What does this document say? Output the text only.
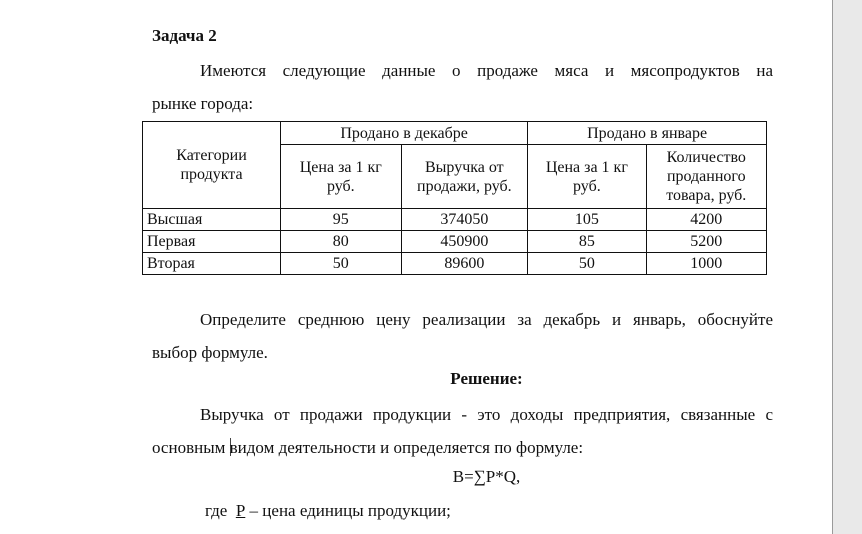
Задача 2
Имеются следующие данные о продаже мяса и мясопродуктов на
рынке города:
Категории продукта	Продано в декабре		Продано в январе	
	Цена за 1 кг руб.	Выручка от продажи, руб.	Цена за 1 кг руб.	Количество проданного товара, руб.
Высшая	95	374050	105	4200
Первая	80	450900	85	5200
Вторая	50	89600	50	1000
Определите среднюю цену реализации за декабрь и январь, обоснуйте
выбор формуле.
Решение:
Выручка от продажи продукции - это доходы предприятия, связанные с
основным видом деятельности и определяется по формуле:
В=∑P*Q,
где  Р – цена единицы продукции;
